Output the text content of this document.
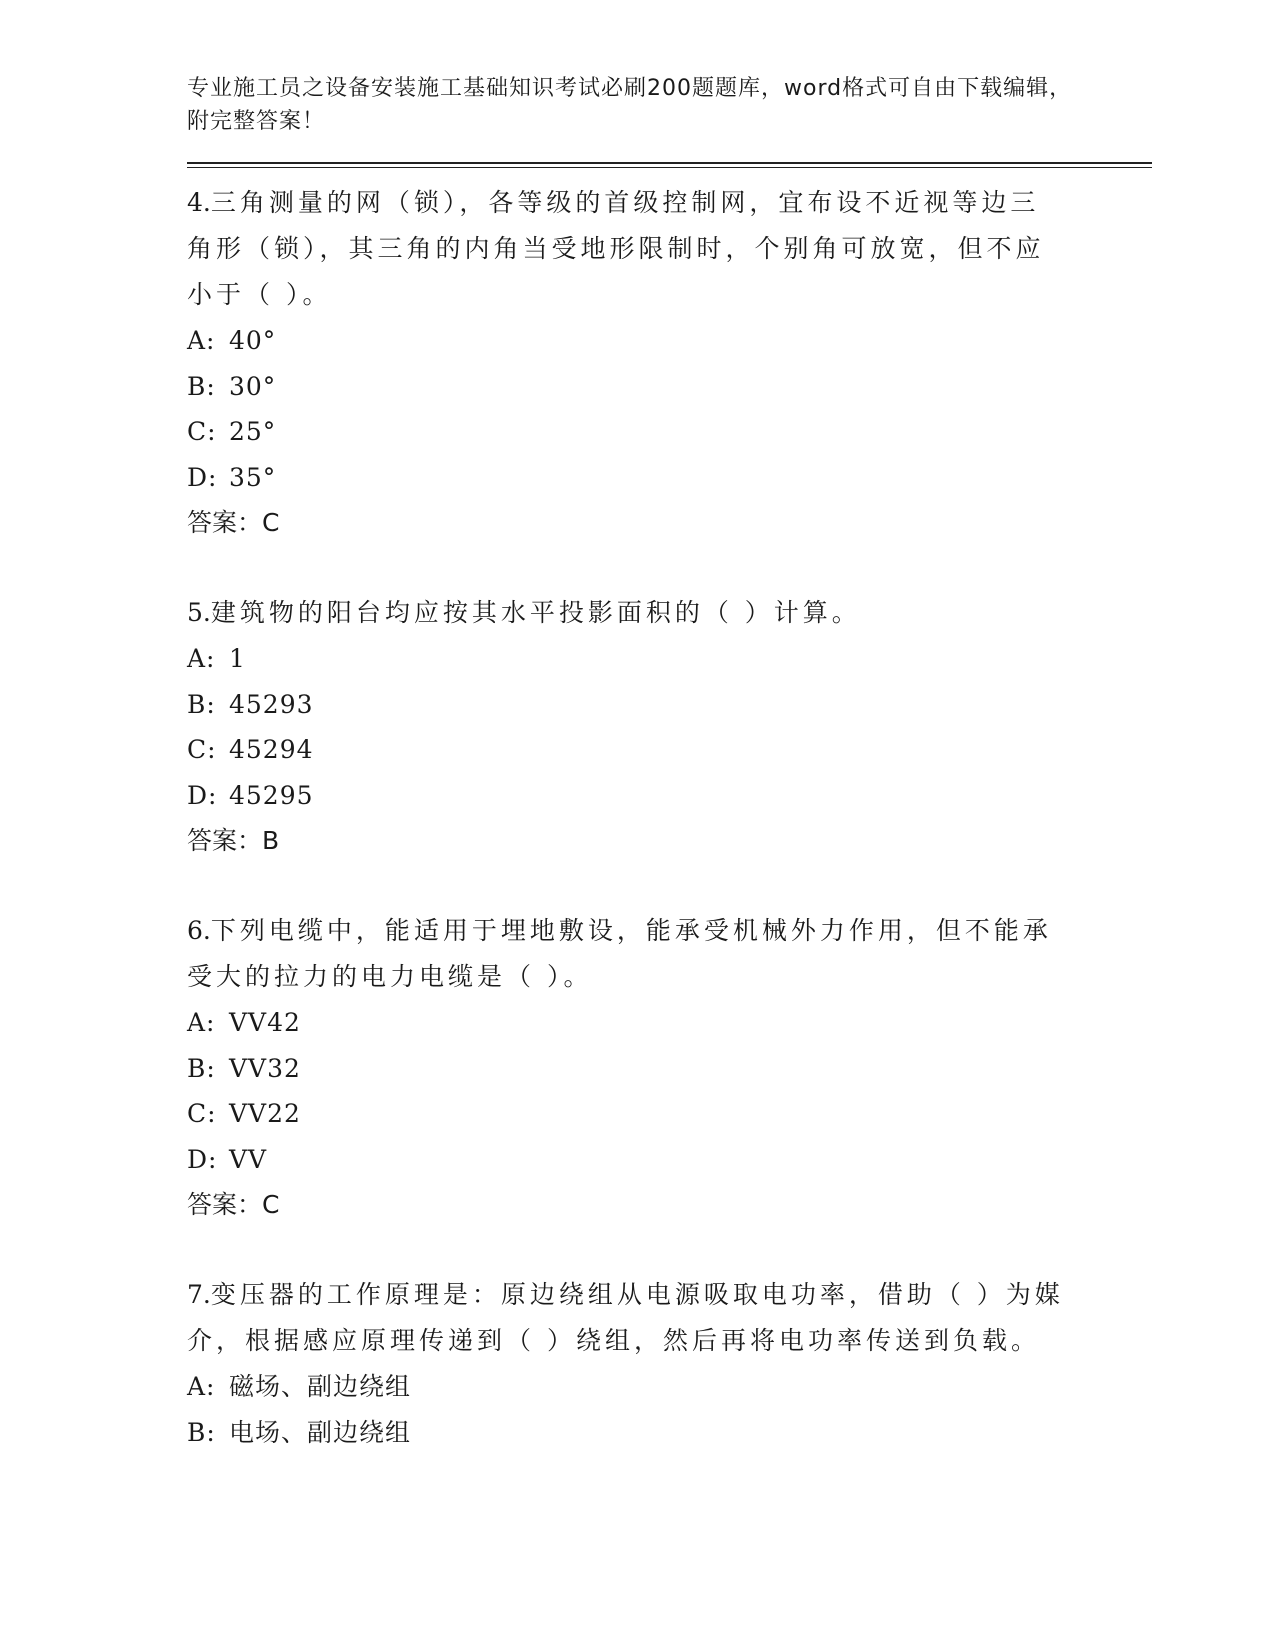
专业施工员之设备安装施工基础知识考试必刷200题题库，word格式可自由下载编辑，附完整答案！

4.三角测量的网（锁），各等级的首级控制网，宜布设不近视等边三角形（锁），其三角的内角当受地形限制时，个别角可放宽，但不应小于（ ）。

A: 40°

B: 30°

C: 25°

D: 35°

答案：C

5.建筑物的阳台均应按其水平投影面积的（ ）计算。

A: 1

B: 45293

C: 45294

D: 45295

答案：B

6.下列电缆中，能适用于埋地敷设，能承受机械外力作用，但不能承受大的拉力的电力电缆是（ ）。

A: VV42

B: VV32

C: VV22

D: VV

答案：C

7.变压器的工作原理是：原边绕组从电源吸取电功率，借助（ ）为媒介，根据感应原理传递到（ ）绕组，然后再将电功率传送到负载。

A: 磁场、副边绕组

B: 电场、副边绕组
